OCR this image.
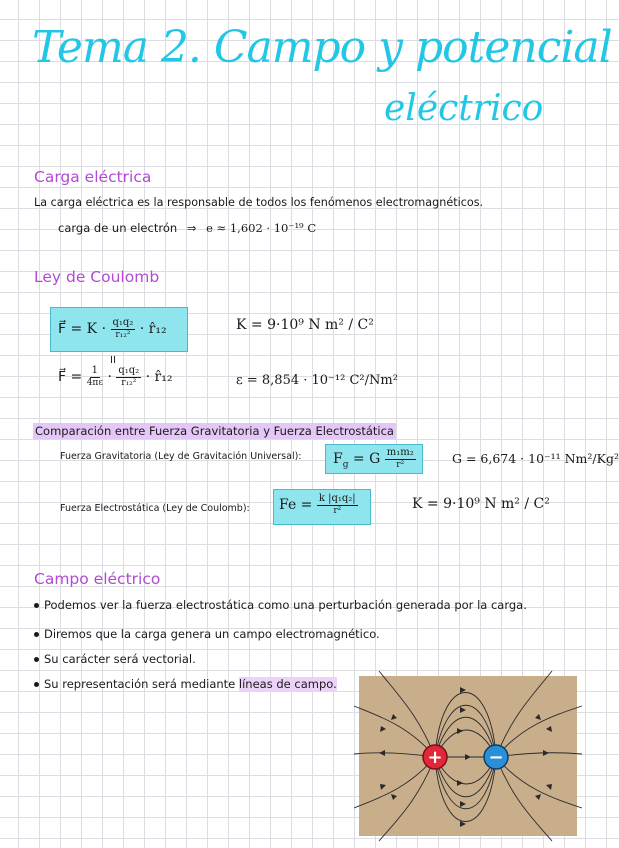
Tema 2. Campo y potencial
eléctrico
Carga eléctrica
La carga eléctrica es la responsable de todos los fenómenos electromagnéticos.
carga de un electrón ⇒ e ≈ 1,602 · 10⁻¹⁹ C
Ley de Coulomb
F⃗ = $K \cdot \frac{\text{q₁q₂}}{\text{r₁₂²}}$ · r̂₁₂	K = 9·10⁹ N m² / C²
II
F⃗ = $\frac{1}{4\pi\varepsilon} \cdot \frac{\text{q₁q₂}}{\text{r₁₂²}}$ · r̂₁₂	ε = 8,854 · 10⁻¹² C²/Nm²
Comparación entre Fuerza Gravitatoria y Fuerza Electrostática
Fuerza Gravitatoria (Ley de Gravitación Universal): $F_g = G \frac{\text{m₁m₂}}{\text{r²}}$	G = 6,674 · 10⁻¹¹ Nm²/Kg²
Fuerza Electrostática (Ley de Coulomb): $Fe = \frac{\text{k |q₁q₂|}}{\text{r²}}$	K = 9·10⁹ N m² / C²
Campo eléctrico
Podemos ver la fuerza electrostática como una perturbación generada por la carga.
Diremos que la carga genera un campo electromagnético.
Su carácter será vectorial.
Su representación será mediante líneas de campo.
+	−
